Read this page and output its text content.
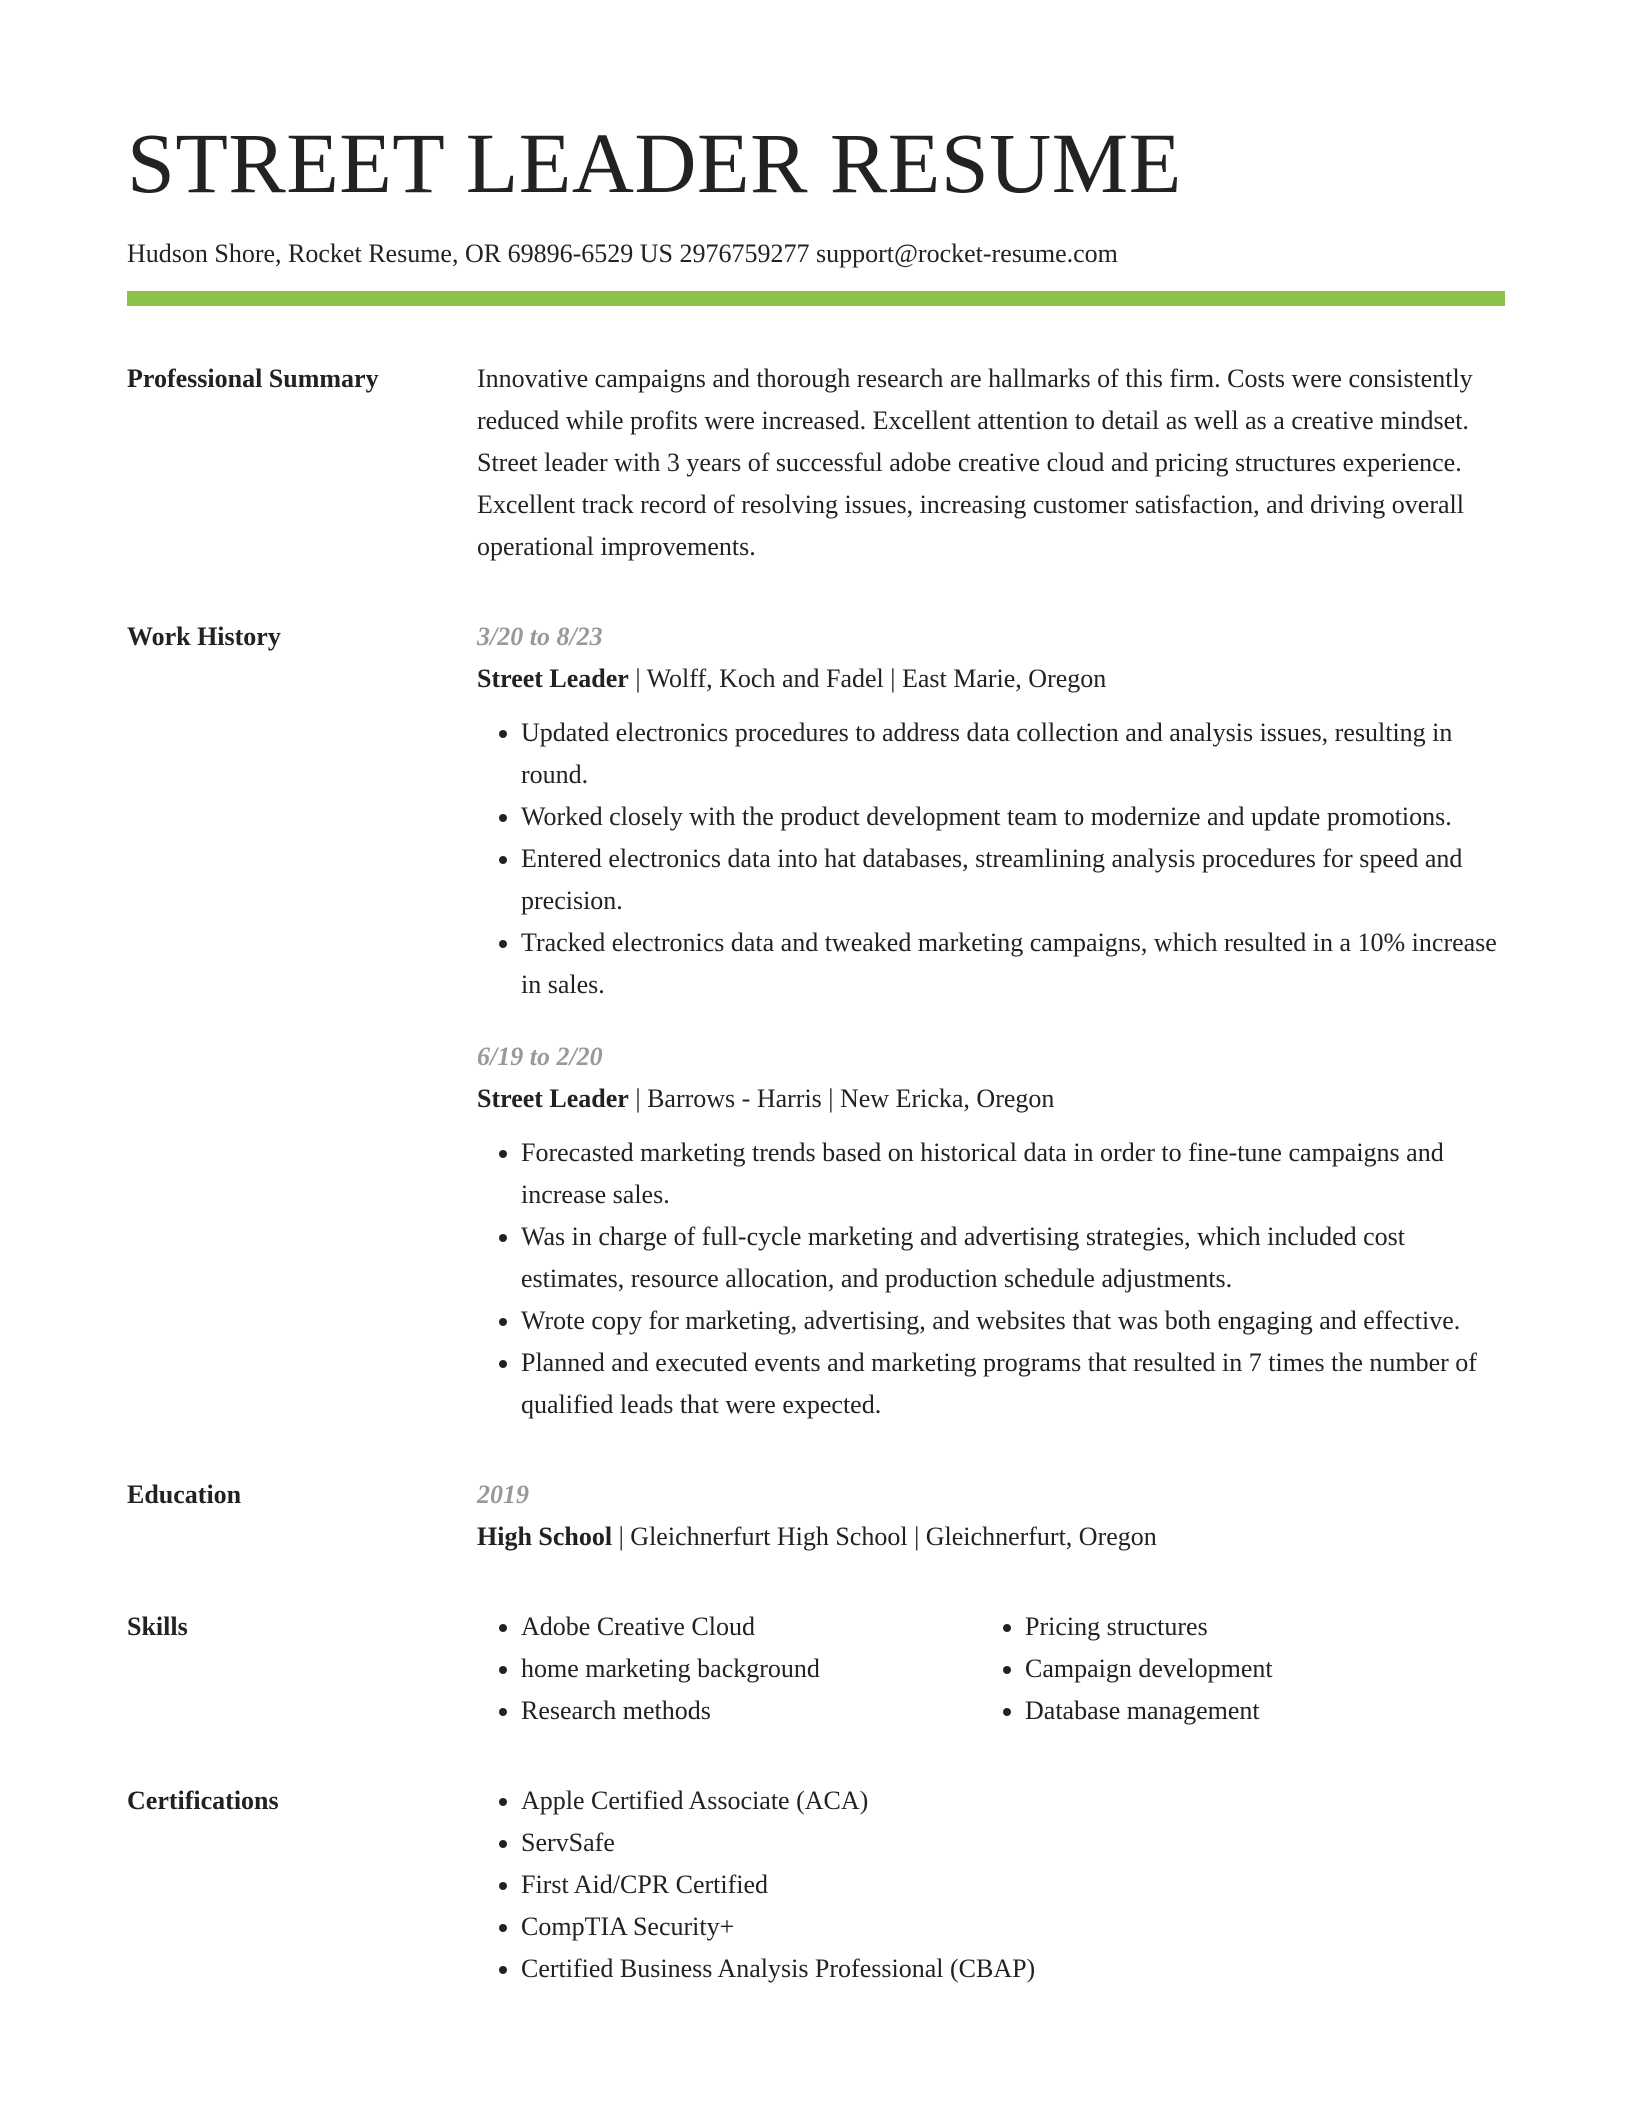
STREET LEADER RESUME
Hudson Shore, Rocket Resume, OR 69896-6529 US 2976759277 support@rocket-resume.com
Professional Summary	Innovative campaigns and thorough research are hallmarks of this firm. Costs were consistently reduced while profits were increased. Excellent attention to detail as well as a creative mindset. Street leader with 3 years of successful adobe creative cloud and pricing structures experience. Excellent track record of resolving issues, increasing customer satisfaction, and driving overall operational improvements.

Work History	3/20 to 8/23
Street Leader | Wolff, Koch and Fadel | East Marie, Oregon
• Updated electronics procedures to address data collection and analysis issues, resulting in round.
• Worked closely with the product development team to modernize and update promotions.
• Entered electronics data into hat databases, streamlining analysis procedures for speed and precision.
• Tracked electronics data and tweaked marketing campaigns, which resulted in a 10% increase in sales.
6/19 to 2/20
Street Leader | Barrows - Harris | New Ericka, Oregon
• Forecasted marketing trends based on historical data in order to fine-tune campaigns and increase sales.
• Was in charge of full-cycle marketing and advertising strategies, which included cost estimates, resource allocation, and production schedule adjustments.
• Wrote copy for marketing, advertising, and websites that was both engaging and effective.
• Planned and executed events and marketing programs that resulted in 7 times the number of qualified leads that were expected.
Education	2019
High School | Gleichnerfurt High School | Gleichnerfurt, Oregon
Skills	• Adobe Creative Cloud
• home marketing background
• Research methods
• Pricing structures
• Campaign development
• Database management
Certifications	• Apple Certified Associate (ACA)
• ServSafe
• First Aid/CPR Certified
• CompTIA Security+
• Certified Business Analysis Professional (CBAP)
